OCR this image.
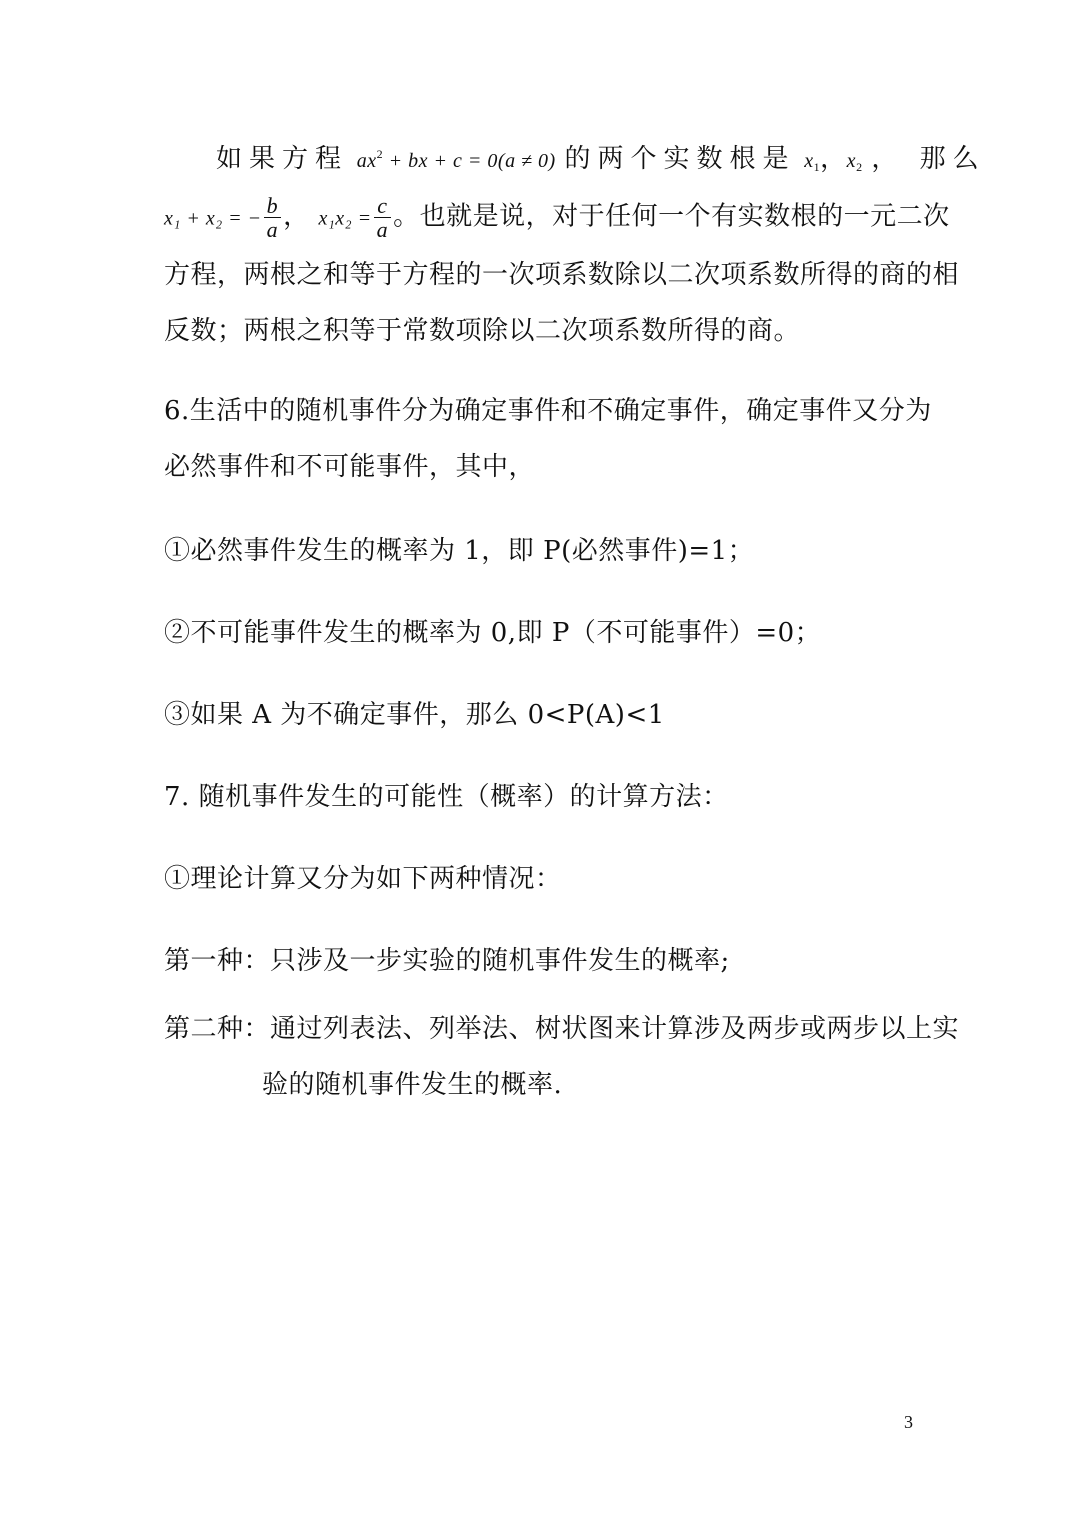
如果方程 $ax^2$ + bx + c = 0(a ≠ 0) 的两个实数根是 $x_1$，$x_2$ ， 那么
x₁ + x₂ = − $\frac{b}{a}$ ， $x_1x_2 = \frac{c}{a}$ 。也就是说，对于任何一个有实数根的一元二次
方程，两根之和等于方程的一次项系数除以二次项系数所得的商的相
反数；两根之积等于常数项除以二次项系数所得的商。
6.生活中的随机事件分为确定事件和不确定事件，确定事件又分为
必然事件和不可能事件，其中，
①必然事件发生的概率为 1，即 P(必然事件)=1；
②不可能事件发生的概率为 0,即 P（不可能事件）=0；
③如果 A 为不确定事件，那么 0<P(A)<1
7. 随机事件发生的可能性（概率）的计算方法：
①理论计算又分为如下两种情况：
第一种：只涉及一步实验的随机事件发生的概率;
第二种：通过列表法、列举法、树状图来计算涉及两步或两步以上实
验的随机事件发生的概率.
3
